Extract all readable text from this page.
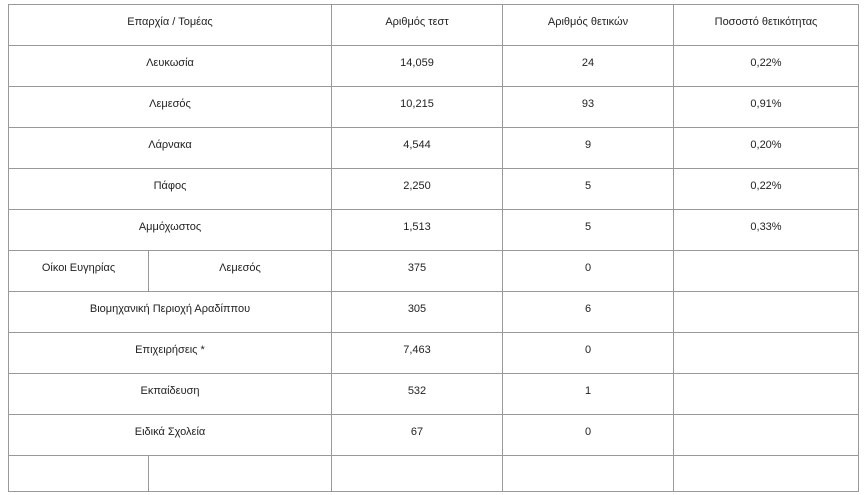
Επαρχία / Τομέας		Αριθμός τεστ	Αριθμός θετικών	Ποσοστό θετικότητας
Λευκωσία		14,059	24	0,22%
Λεμεσός		10,215	93	0,91%
Λάρνακα		4,544	9	0,20%
Πάφος		2,250	5	0,22%
Αμμόχωστος		1,513	5	0,33%
Οίκοι Ευγηρίας	Λεμεσός	375	0	
Βιομηχανική Περιοχή Αραδίππου		305	6	
Επιχειρήσεις *		7,463	0	
Εκπαίδευση		532	1	
Ειδικά Σχολεία		67	0	
